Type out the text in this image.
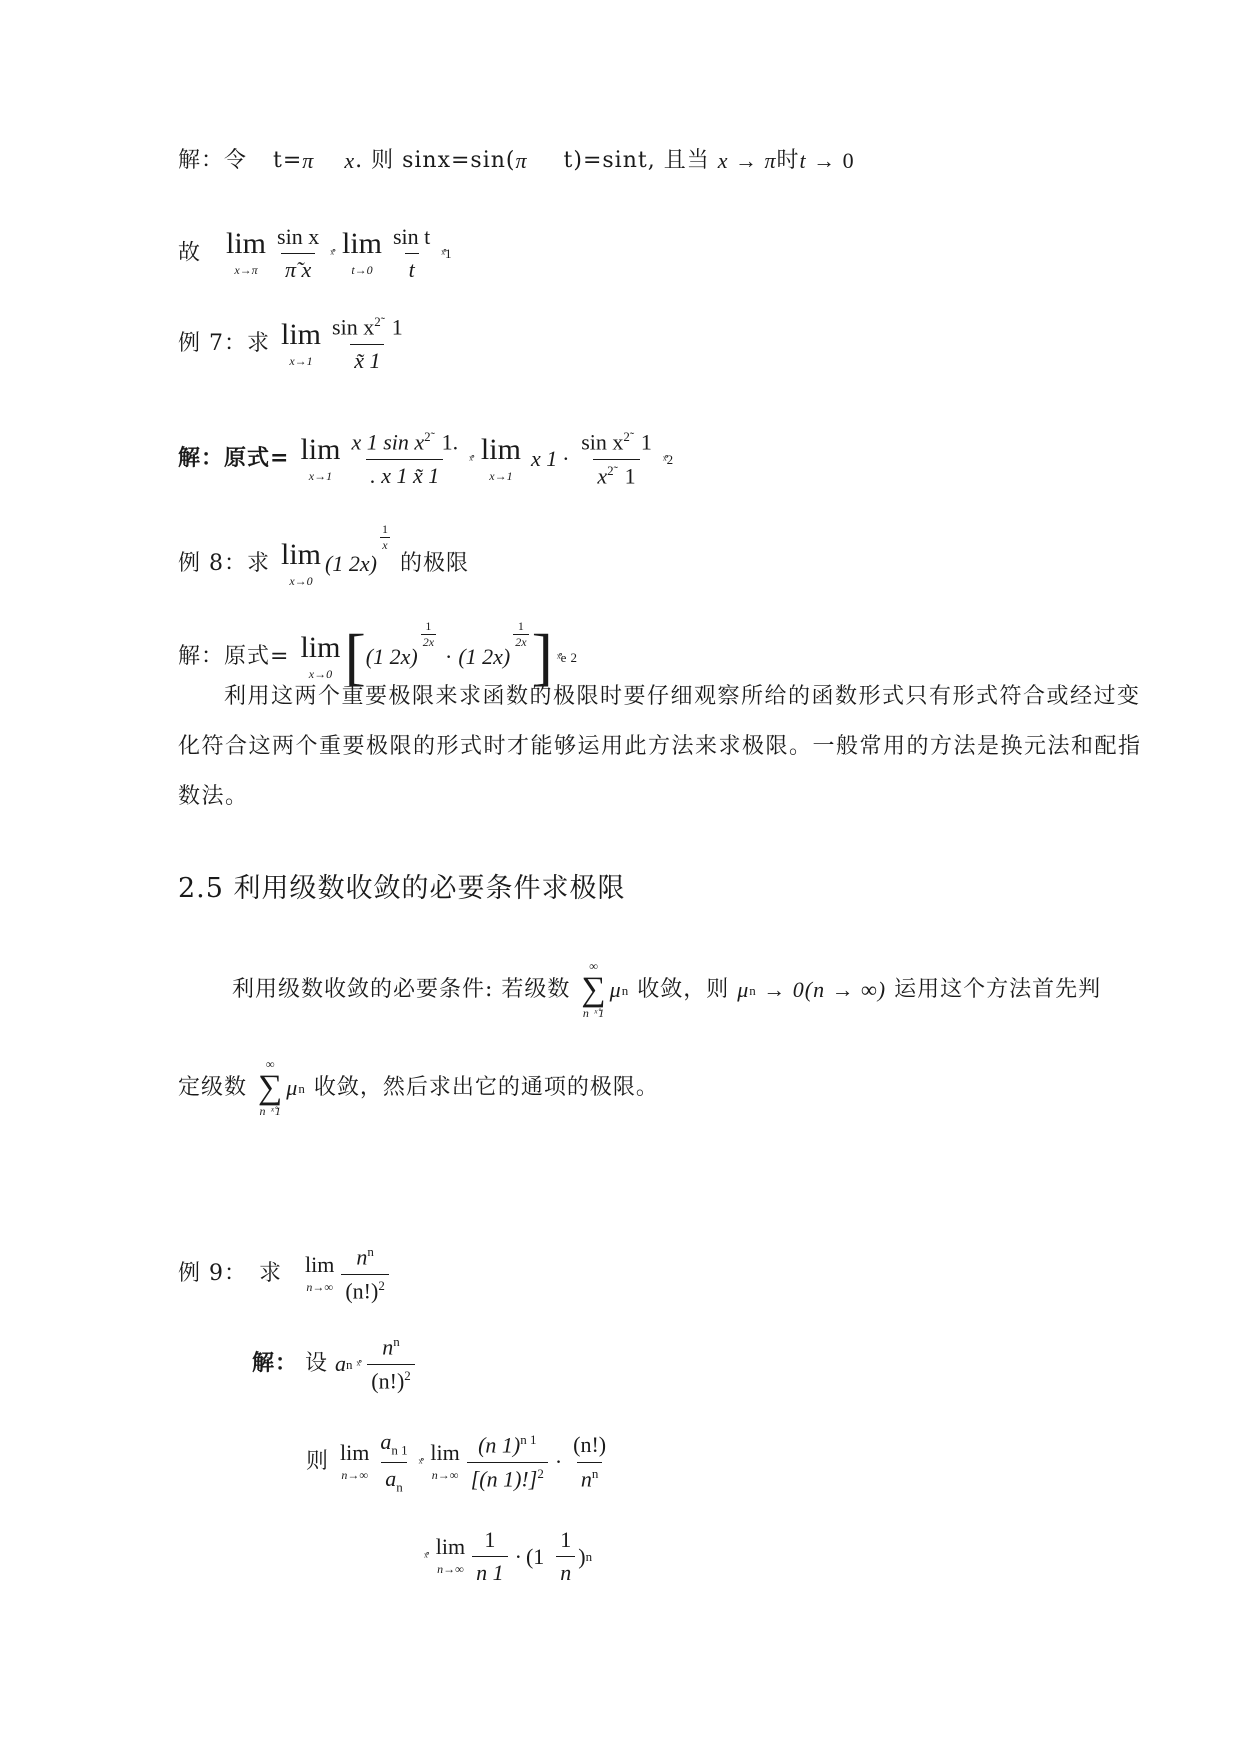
解：令 t= π
x . 则 sinx=sin( π t)=sint, 且当 x
→
π 时 t
→
0
故 lim
$x\to\pi \frac{\text{sin x}}{\pĩ x}$ ˣ̊̊ lim
$t\to 0 \frac{\text{sin t}}{t}$ ˣ̊̊1
例 7：求 lim
$x\to 1 \frac{\sin x^{2̃} 1}{x̃ 1}$
解：原式= lim
$x\to 1 \frac{x 1 \sin x^{2̃} 1.}{. x 1 x̃ 1}$ ˣ̊̊ lim
x→1
x $1 \cdot \frac{\sin x^{2̃} 1}{x^{2̃} 1}$ ˣ̊̊2
例 8：求 lim
x→0
(1 2x)
$\frac{1}{x}$
的极限
解：原式= lim
x→0 [ (1 2x)
$\frac{1}{2x}$
· (1 2x)
$\frac{1}{2x}$ ] ˣ̊̊e 2
利用这两个重要极限来求函数的极限时要仔细观察所给的函数形式只有形式符合或经过变化符合这两个重要极限的形式时才能够运用此方法来求极限。一般常用的方法是换元法和配指数法。
2.5 利用级数收敛的必要条件求极限
利用级数收敛的必要条件: 若级数
∞
∑
n ˣ̊1
μ n 收敛，则 μ n
→ 0(n → ∞) 运用这个方法首先判
定级数
∞
∑
n ˣ̊1
μ n 收敛，然后求出它的通项的极限。
例 9：　求 lim
$n\to\infty \frac{n^n}{(n!)^2}$
解： 设 a n ˣ̊̊ $\frac{n^n}{(n!)^2}$
则 lim
$n\to\infty \frac{a_{n 1}}{a_n}$ ˣ̊̊ lim
$n\to\infty \frac{(n 1)^{n 1}}{[(n 1)!]^2} \cdot \frac{(n!)}{n^n}$
ˣ̊̊ lim
$n\to\infty \frac{1}{n 1} \cdot (1 \frac{1}{n}$ ) n
